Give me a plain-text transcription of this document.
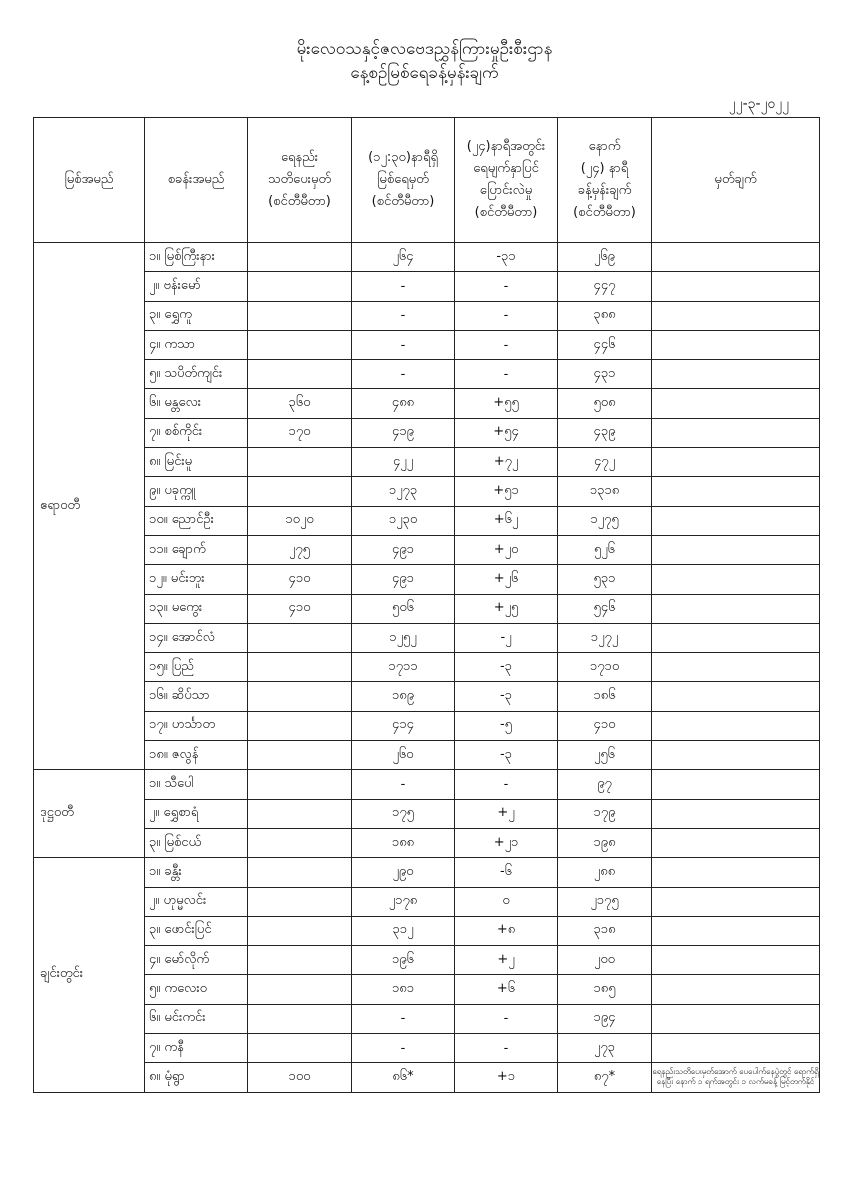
မိုးလေဝသနှင့်ဇလဗေဒညွှန်ကြားမှုဦးစီးဌာန
နေ့စဉ်မြစ်ရေခန့်မှန်းချက်
၂၂-၃-၂၀၂၂
မြစ်အမည်	စခန်းအမည်	ရေနည်း
သတိပေးမှတ်
(စင်တီမီတာ)	(၁၂:၃၀)နာရီရှိ
မြစ်ရေမှတ်
(စင်တီမီတာ)	(၂၄)နာရီအတွင်း
ရေမျက်နှာပြင်
ပြောင်းလဲမှု
(စင်တီမီတာ)	နောက်
(၂၄) နာရီ
ခန့်မှန်းချက်
(စင်တီမီတာ)	မှတ်ချက်
ဧရာဝတီ	၁။ မြစ်ကြီးနား		၂၆၄	-၃၁	၂၆၉	
	၂။ ဗန်းမော်		-	-	၄၄၇	
	၃။ ရွှေကူ		-	-	၃၈၈	
	၄။ ကသာ		-	-	၄၄၆	
	၅။ သပိတ်ကျင်း		-	-	၄၃၁	
	၆။ မန္တလေး	၃၆၀	၄၈၈	+၅၅	၅၀၈	
	၇။ စစ်ကိုင်း	၁၇၀	၄၁၉	+၅၄	၄၃၉	
	၈။ မြင်းမူ		၄၂၂	+၇၂	၄၇၂	
	၉။ ပခုက္ကူ		၁၂၇၃	+၅၁	၁၃၁၈	
	၁၀။ ညောင်ဦး	၁၀၂၀	၁၂၃၀	+၆၂	၁၂၇၅	
	၁၁။ ချောက်	၂၇၅	၄၉၁	+၂၀	၅၂၆	
	၁၂။ မင်းဘူး	၄၁၀	၄၉၁	+၂၆	၅၃၁	
	၁၃။ မကွေး	၄၁၀	၅၀၆	+၂၅	၅၄၆	
	၁၄။ အောင်လံ		၁၂၅၂	-၂	၁၂၇၂	
	၁၅။ ပြည်		၁၇၁၁	-၃	၁၇၁၀	
	၁၆။ ဆိပ်သာ		၁၈၉	-၃	၁၈၆	
	၁၇။ ဟင်္သာတ		၄၁၄	-၅	၄၁၀	
	၁၈။ ဇလွန်		၂၆၀	-၃	၂၅၆	
ဒုဋ္ဌဝတီ	၁။ သီပေါ		-	-	၉၇	
	၂။ ရွှေစာရံ		၁၇၅	+၂	၁၇၉	
	၃။ မြစ်ငယ်		၁၈၈	+၂၁	၁၉၈	
ချင်းတွင်း	၁။ ခန္တီး		၂၉၀	-၆	၂၈၈	
	၂။ ဟုမ္မလင်း		၂၁၇၈	၀	၂၁၇၅	
	၃။ ဖောင်းပြင်		၃၁၂	+၈	၃၁၈	
	၄။ မော်လိုက်		၁၉၆	+၂	၂၀၀	
	၅။ ကလေးဝ		၁၈၁	+၆	၁၈၅	
	၆။ မင်းကင်း		-	-	၁၉၄	
	၇။ ကနီ		-	-	၂၇၃	
	၈။ မုံရွာ	၁၀၀	၈၆*	+၁	၈၇*	ရေနည်းသတိပေးမှတ်အောက် ပေပေါက်နေပွဲတွင် ရောက်ရှိနေပြီး နောက် ၁ ရက်အတွင်း ၁ လက်မခန့် မြင့်တက်နိုင်
